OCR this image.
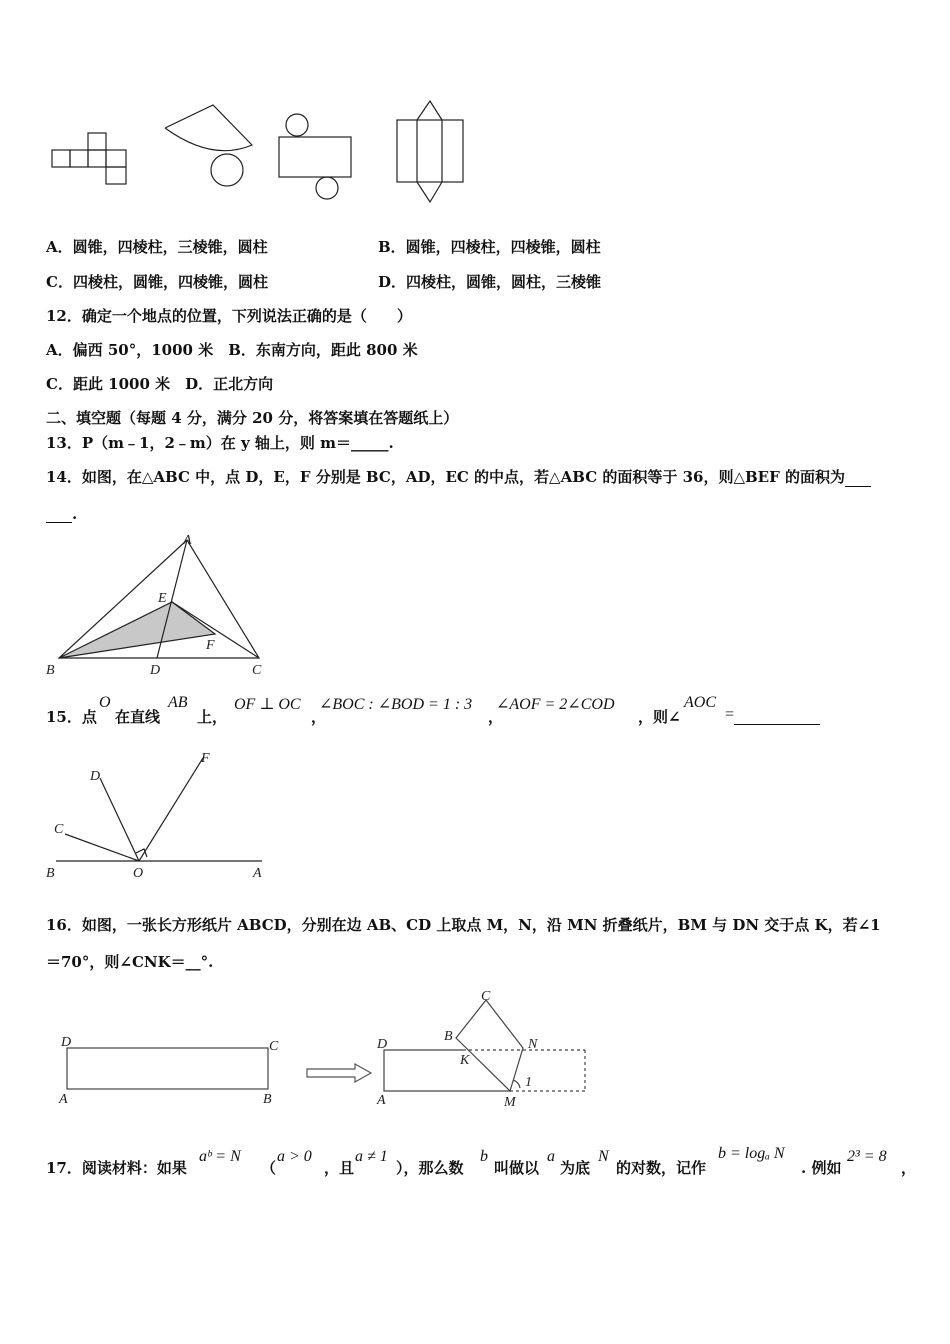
A．圆锥，四棱柱，三棱锥，圆柱	B．圆锥，四棱柱，四棱锥，圆柱
C．四棱柱，圆锥，四棱锥，圆柱	D．四棱柱，圆锥，圆柱，三棱锥
12．确定一个地点的位置，下列说法正确的是（　　）
A．偏西 50°，1000 米　B．东南方向，距此 800 米
C．距此 1000 米　D．正北方向
二、填空题（每题 4 分，满分 20 分，将答案填在答题纸上）
13．P（m﹣1，2﹣m）在 y 轴上，则 m＝_____.
14．如图，在△ABC 中，点 D，E，F 分别是 BC，AD，EC 的中点，若△ABC 的面积等于 36，则△BEF 的面积为
.
A
B	C
D
E
F
15．点
O
在直线
AB
上，
OF ⊥ OC
，
∠BOC : ∠BOD = 1 : 3
，
∠AOF = 2∠COD
，则∠
AOC
=
D
F
C
B	O	A
16．如图，一张长方形纸片 ABCD，分别在边 AB、CD 上取点 M，N，沿 MN 折叠纸片，BM 与 DN 交于点 K，若∠1
＝70°，则∠CNK＝__°.
D	C
A	B
C
B
N
D
K
1
A	M
17．阅读材料：如果
aᵇ = N
（
a > 0
，且
a ≠ 1
），那么数
b
叫做以
a
为底
N
的对数，记作
b = logₐ N
. 例如
2³ = 8
，
